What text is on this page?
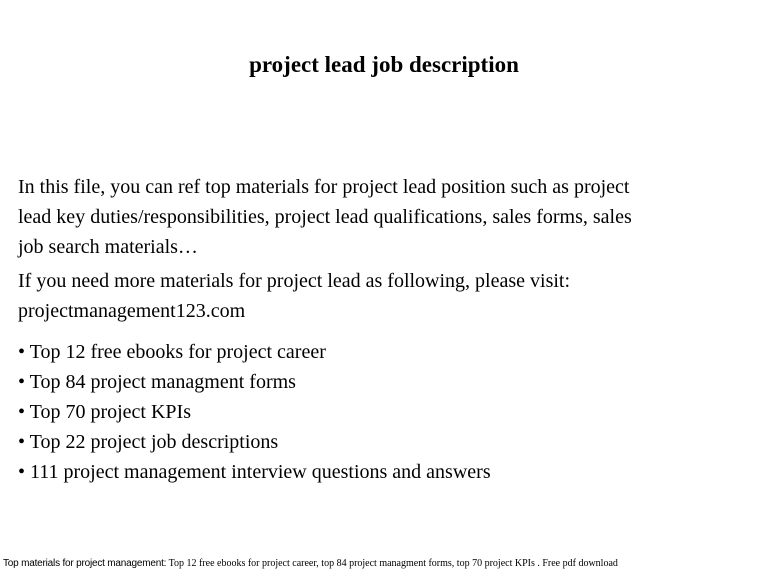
project lead job description
In this file, you can ref top materials for project lead position such as project
lead key duties/responsibilities, project lead qualifications, sales forms, sales
job search materials…
If you need more materials for project lead as following, please visit:
projectmanagement123.com
• Top 12 free ebooks for project career
• Top 84 project managment forms
• Top 70 project KPIs
• Top 22 project job descriptions
• 111 project management interview questions and answers
Top materials for project management: Top 12 free ebooks for project career, top 84 project managment forms, top 70 project KPIs . Free pdf download
